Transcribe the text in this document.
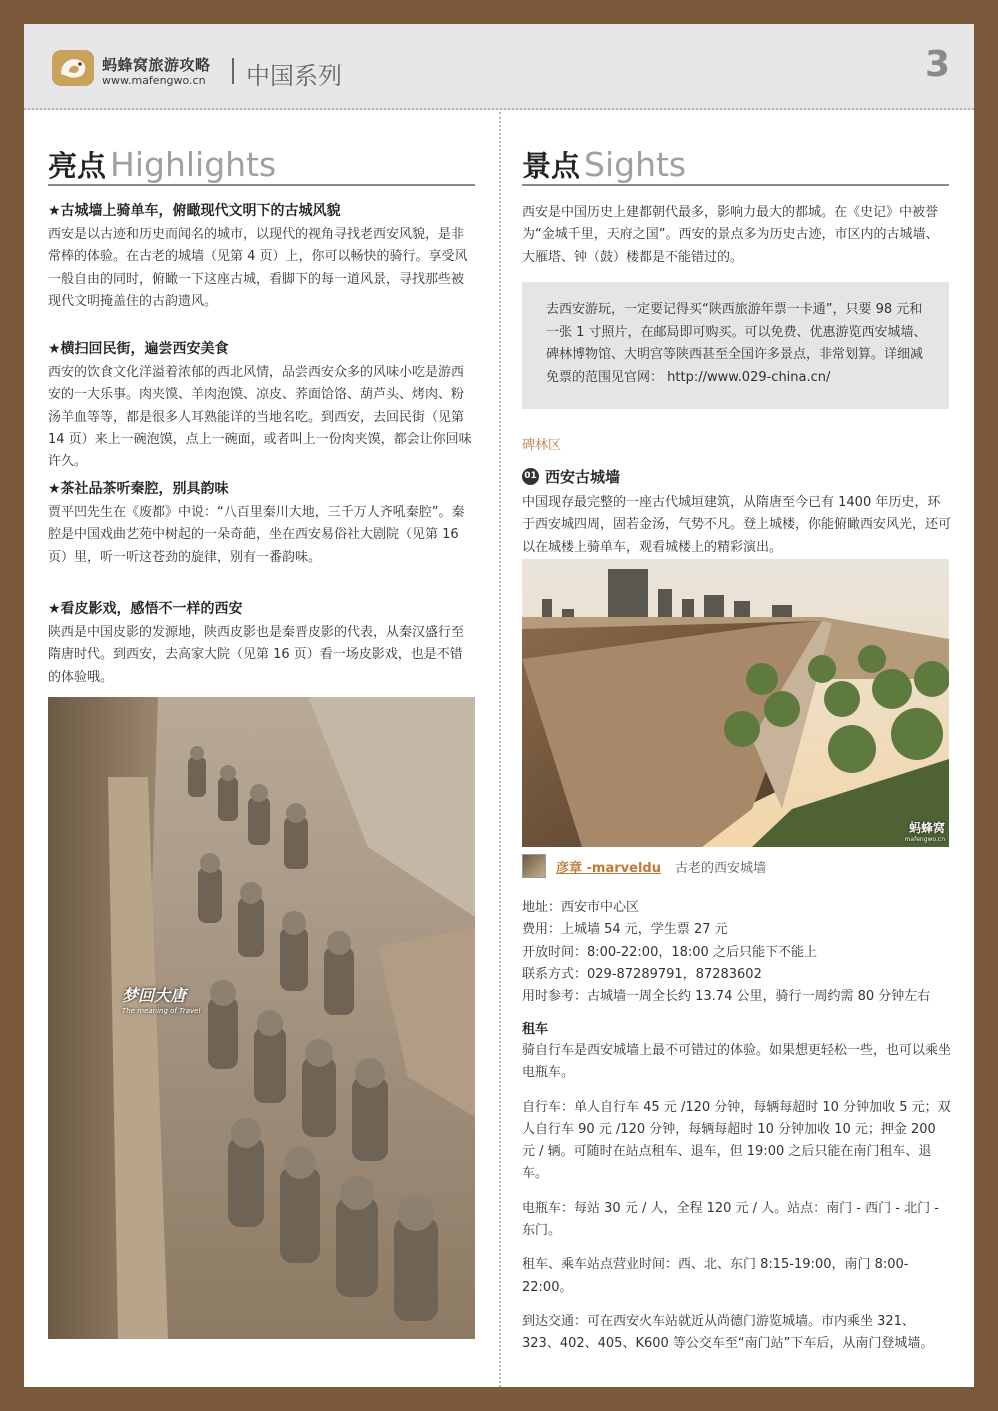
蚂蜂窝旅游攻略
www.mafengwo.cn 中国系列	3
亮点 Highlights
★古城墙上骑单车，俯瞰现代文明下的古城风貌

西安是以古迹和历史而闻名的城市，以现代的视角寻找老西安风貌，是非常棒的体验。在古老的城墙（见第 4 页）上，你可以畅快的骑行。享受风一般自由的同时，俯瞰一下这座古城，看脚下的每一道风景，寻找那些被现代文明掩盖住的古韵遗风。

★横扫回民街，遍尝西安美食

西安的饮食文化洋溢着浓郁的西北风情，品尝西安众多的风味小吃是游西安的一大乐事。肉夹馍、羊肉泡馍、凉皮、荞面饸饹、葫芦头、烤肉、粉汤羊血等等，都是很多人耳熟能详的当地名吃。到西安，去回民街（见第 14 页）来上一碗泡馍，点上一碗面，或者叫上一份肉夹馍，都会让你回味许久。

★茶社品茶听秦腔，别具韵味

贾平凹先生在《废都》中说：“八百里秦川大地，三千万人齐吼秦腔”。秦腔是中国戏曲艺苑中树起的一朵奇葩，坐在西安易俗社大剧院（见第 16 页）里，听一听这苍劲的旋律，别有一番韵味。

★看皮影戏，感悟不一样的西安

陕西是中国皮影的发源地，陕西皮影也是秦晋皮影的代表，从秦汉盛行至隋唐时代。到西安，去高家大院（见第 16 页）看一场皮影戏，也是不错的体验哦。

梦回大唐
The meaning of Travel
景点 Sights

西安是中国历史上建都朝代最多，影响力最大的都城。在《史记》中被誉为“金城千里，天府之国”。西安的景点多为历史古迹，市区内的古城墙、大雁塔、钟（鼓）楼都是不能错过的。

去西安游玩，一定要记得买“陕西旅游年票一卡通”，只要 98 元和一张 1 寸照片，在邮局即可购买。可以免费、优惠游览西安城墙、碑林博物馆、大明宫等陕西甚至全国许多景点，非常划算。详细减免票的范围见官网： http://www.029-china.cn/
碑林区
01 西安古城墙

中国现存最完整的一座古代城垣建筑，从隋唐至今已有 1400 年历史，环于西安城四周，固若金汤，气势不凡。登上城楼，你能俯瞰西安风光，还可以在城楼上骑单车，观看城楼上的精彩演出。

蚂蜂窝
mafengwo.cn
彦章 -marveldu 古老的西安城墙
地址：西安市中心区
费用：上城墙 54 元，学生票 27 元
开放时间：8:00-22:00，18:00 之后只能下不能上
联系方式：029-87289791，87283602
用时参考：古城墙一周全长约 13.74 公里，骑行一周约需 80 分钟左右
租车

骑自行车是西安城墙上最不可错过的体验。如果想更轻松一些，也可以乘坐电瓶车。

自行车：单人自行车 45 元 /120 分钟，每辆每超时 10 分钟加收 5 元；双人自行车 90 元 /120 分钟，每辆每超时 10 分钟加收 10 元；押金 200 元 / 辆。可随时在站点租车、退车，但 19:00 之后只能在南门租车、退车。

电瓶车：每站 30 元 / 人，全程 120 元 / 人。站点：南门 - 西门 - 北门 - 东门。

租车、乘车站点营业时间：西、北、东门 8:15-19:00，南门 8:00-22:00。

到达交通：可在西安火车站就近从尚德门游览城墙。市内乘坐 321、323、402、405、K600 等公交车至“南门站”下车后，从南门登城墙。
